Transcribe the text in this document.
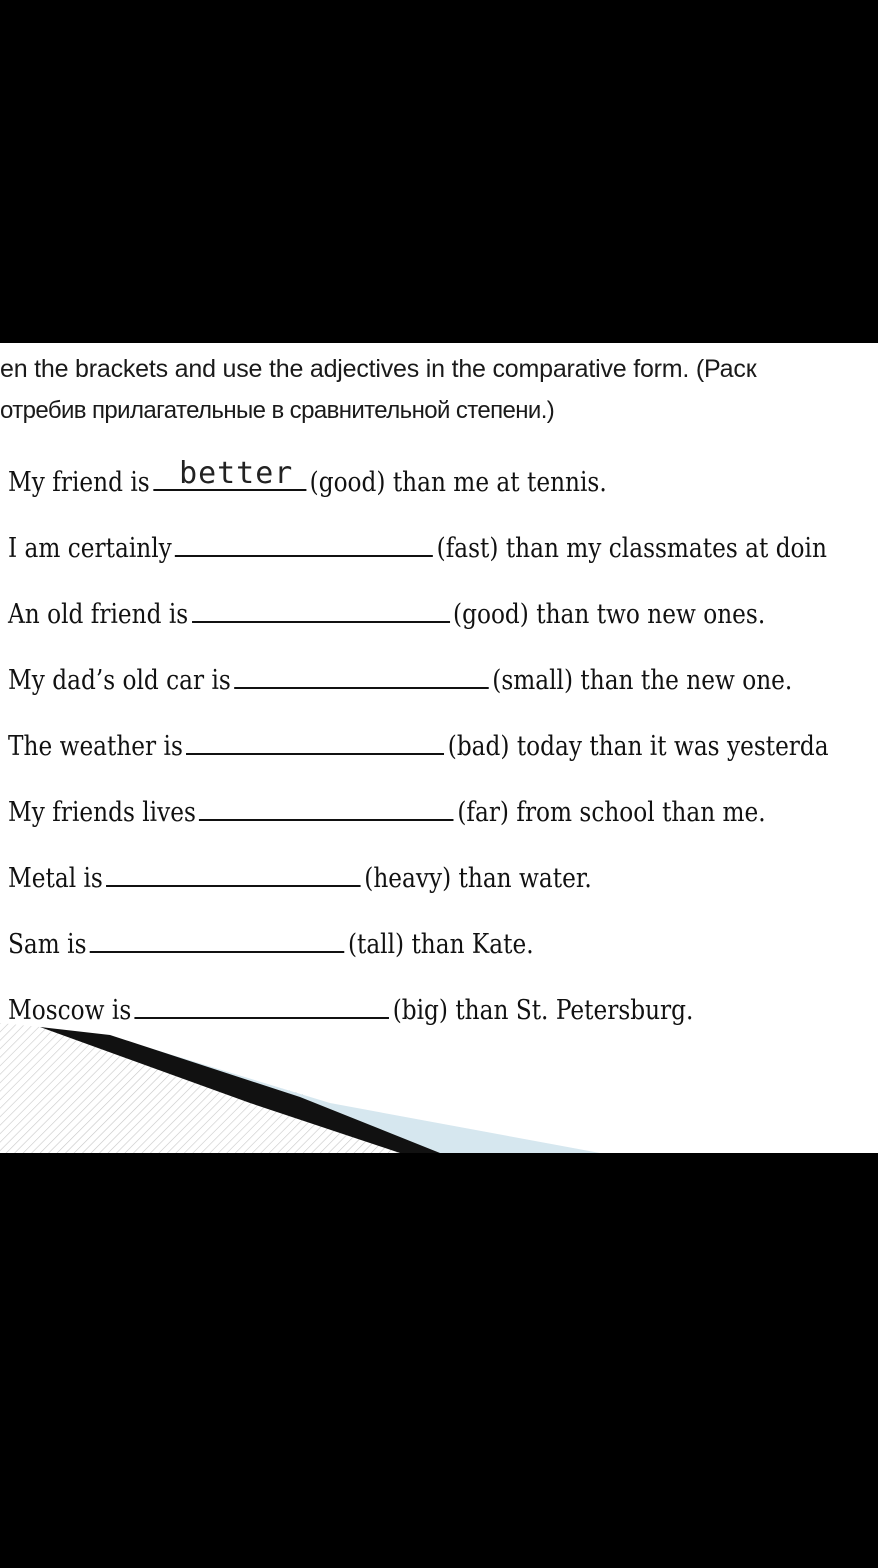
en the brackets and use the adjectives in the comparative form. (Раск
отребив прилагательные в сравнительной степени.)
My friend is better (good) than me at tennis.
I am certainly	(fast) than my classmates at doin
An old friend is	(good) than two new ones.
My dad’s old car is	(small) than the new one.
The weather is	(bad) today than it was yesterda
My friends lives	(far) from school than me.
Metal is	(heavy) than water.
Sam is	(tall) than Kate.
Moscow is	(big) than St. Petersburg.
